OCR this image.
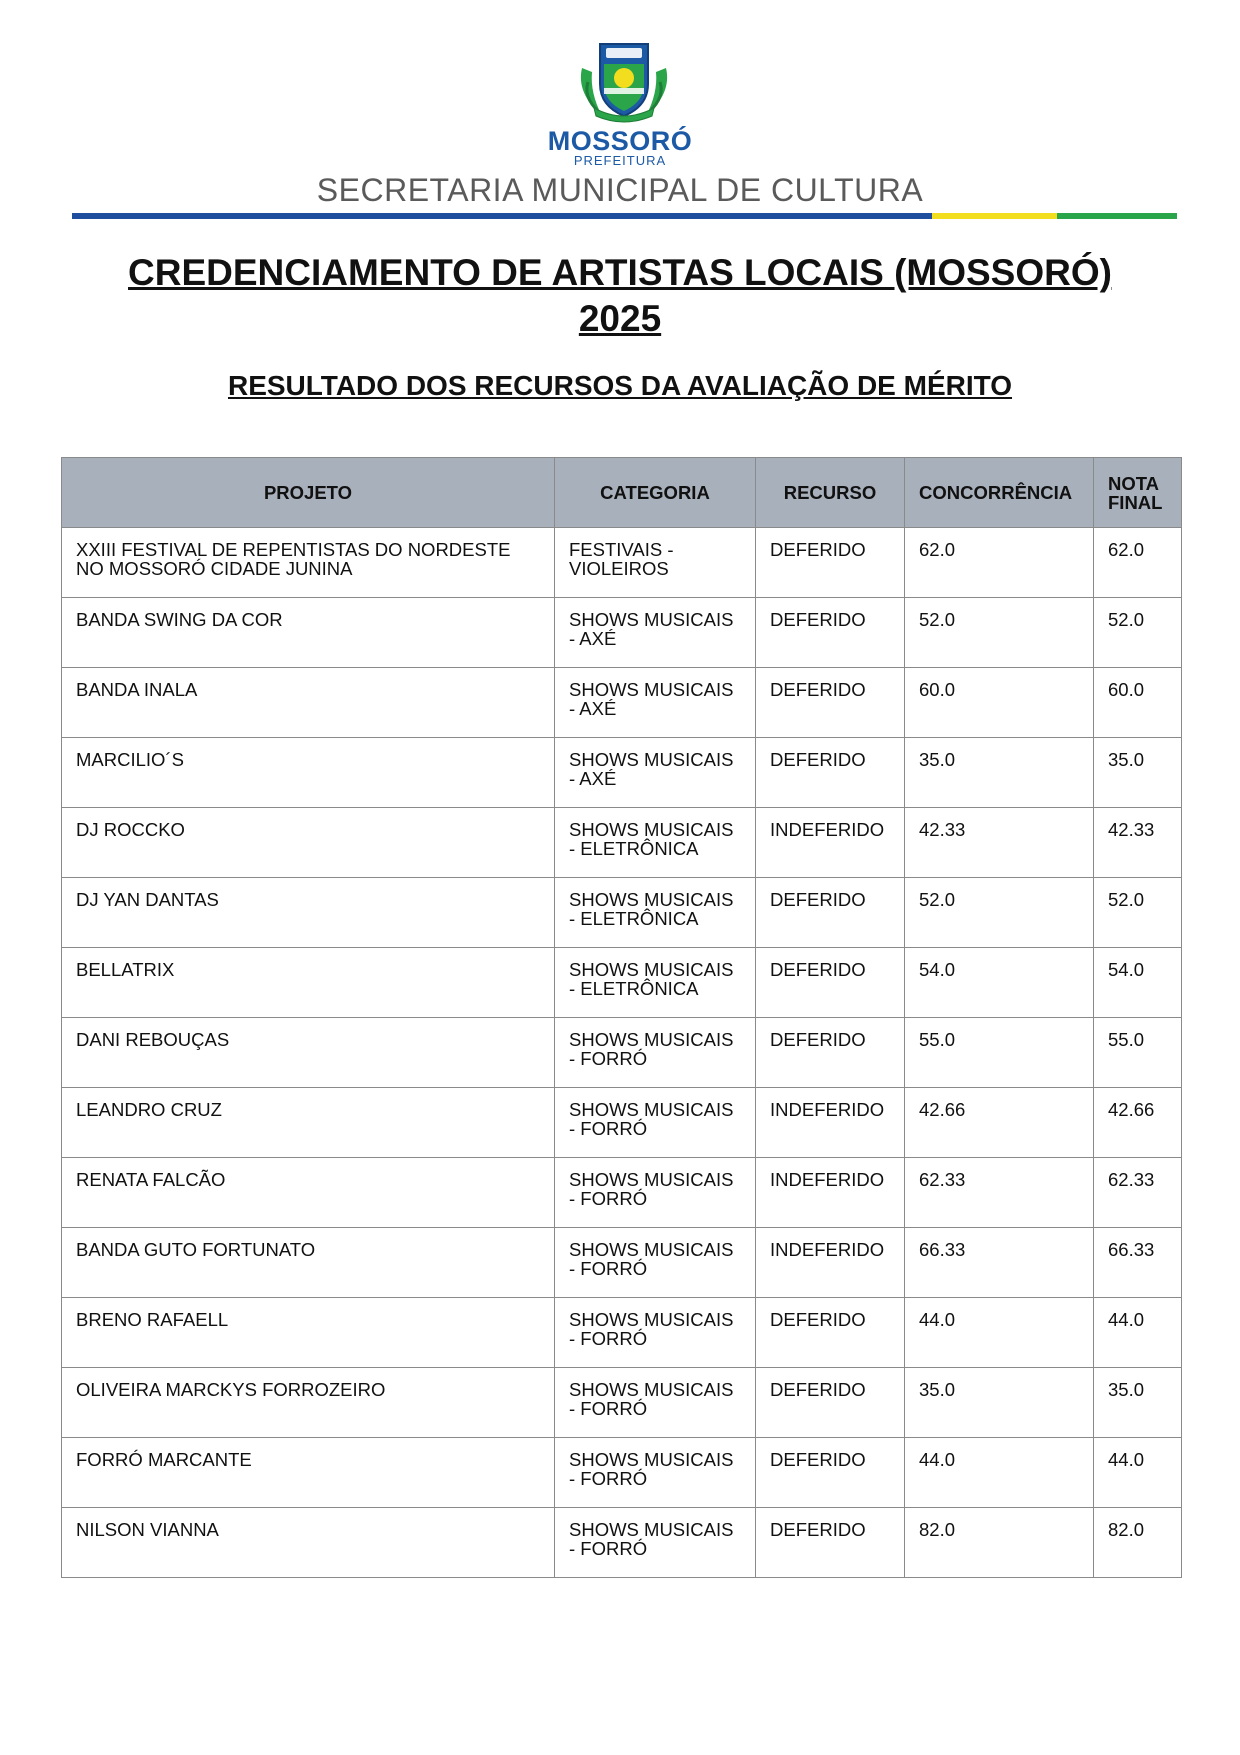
MOSSORÓ
PREFEITURA
SECRETARIA MUNICIPAL DE CULTURA
CREDENCIAMENTO DE ARTISTAS LOCAIS (MOSSORÓ)
2025
RESULTADO DOS RECURSOS DA AVALIAÇÃO DE MÉRITO
PROJETO	CATEGORIA	RECURSO	CONCORRÊNCIA	NOTA FINAL
XXIII FESTIVAL DE REPENTISTAS DO NORDESTE NO MOSSORÓ CIDADE JUNINA	FESTIVAIS - VIOLEIROS	DEFERIDO	62.0	62.0
BANDA SWING DA COR	SHOWS MUSICAIS - AXÉ	DEFERIDO	52.0	52.0
BANDA INALA	SHOWS MUSICAIS - AXÉ	DEFERIDO	60.0	60.0
MARCILIO´S	SHOWS MUSICAIS - AXÉ	DEFERIDO	35.0	35.0
DJ ROCCKO	SHOWS MUSICAIS - ELETRÔNICA	INDEFERIDO	42.33	42.33
DJ YAN DANTAS	SHOWS MUSICAIS - ELETRÔNICA	DEFERIDO	52.0	52.0
BELLATRIX	SHOWS MUSICAIS - ELETRÔNICA	DEFERIDO	54.0	54.0
DANI REBOUÇAS	SHOWS MUSICAIS - FORRÓ	DEFERIDO	55.0	55.0
LEANDRO CRUZ	SHOWS MUSICAIS - FORRÓ	INDEFERIDO	42.66	42.66
RENATA FALCÃO	SHOWS MUSICAIS - FORRÓ	INDEFERIDO	62.33	62.33
BANDA GUTO FORTUNATO	SHOWS MUSICAIS - FORRÓ	INDEFERIDO	66.33	66.33
BRENO RAFAELL	SHOWS MUSICAIS - FORRÓ	DEFERIDO	44.0	44.0
OLIVEIRA MARCKYS FORROZEIRO	SHOWS MUSICAIS - FORRÓ	DEFERIDO	35.0	35.0
FORRÓ MARCANTE	SHOWS MUSICAIS - FORRÓ	DEFERIDO	44.0	44.0
NILSON VIANNA	SHOWS MUSICAIS - FORRÓ	DEFERIDO	82.0	82.0
